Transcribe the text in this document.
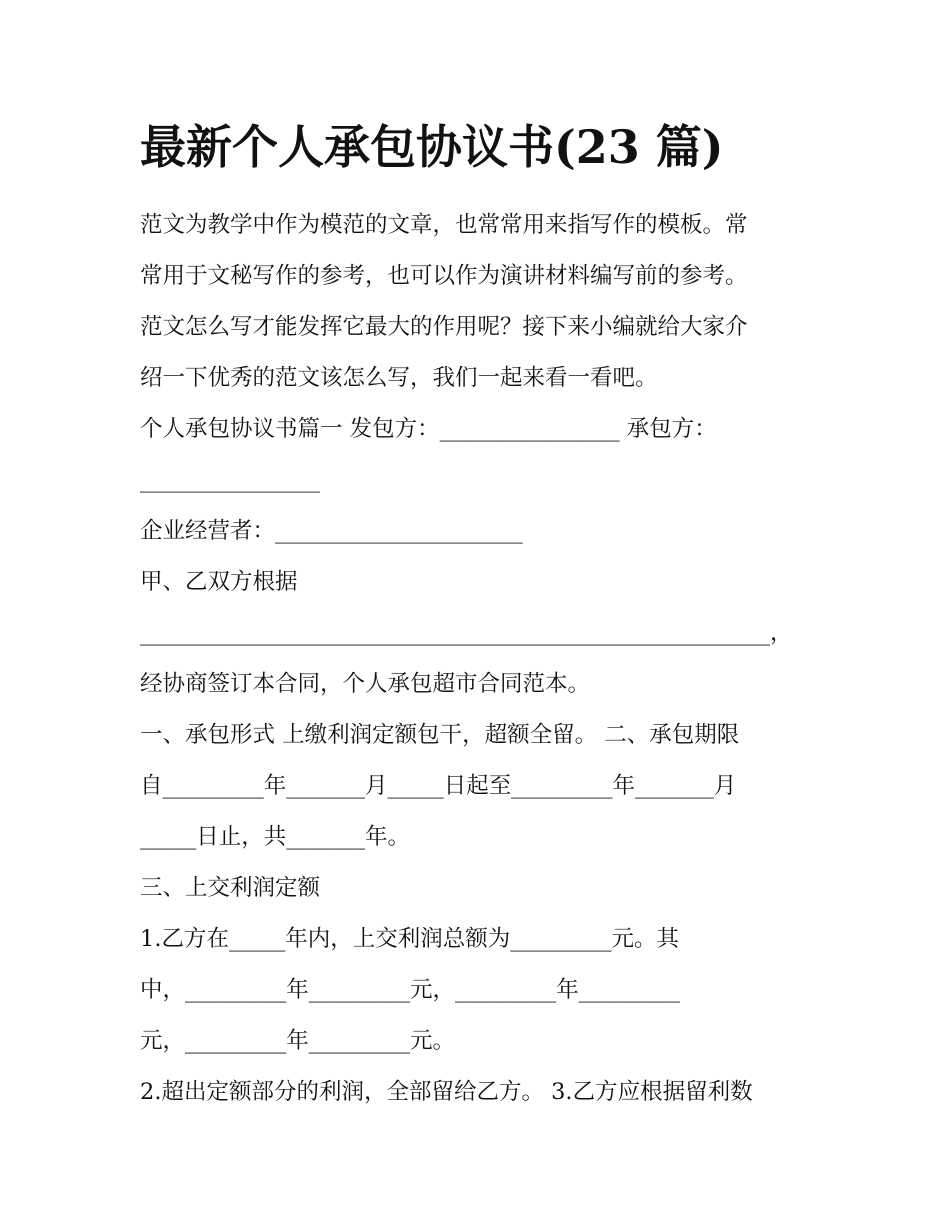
最新个人承包协议书(23 篇)
范文为教学中作为模范的文章，也常常用来指写作的模板。常
常用于文秘写作的参考，也可以作为演讲材料编写前的参考。
范文怎么写才能发挥它最大的作用呢？接下来小编就给大家介
绍一下优秀的范文该怎么写，我们一起来看一看吧。
个人承包协议书篇一 发包方：________________ 承包方：
________________
企业经营者：______________________
甲、乙双方根据
________________________________________________________，
经协商签订本合同，个人承包超市合同范本。
一、承包形式 上缴利润定额包干，超额全留。 二、承包期限
自_________年_______月_____日起至_________年_______月
_____日止，共_______年。
三、上交利润定额
1.乙方在_____年内，上交利润总额为_________元。其
中，_________年_________元，_________年_________
元，_________年_________元。
2.超出定额部分的利润，全部留给乙方。 3.乙方应根据留利数
